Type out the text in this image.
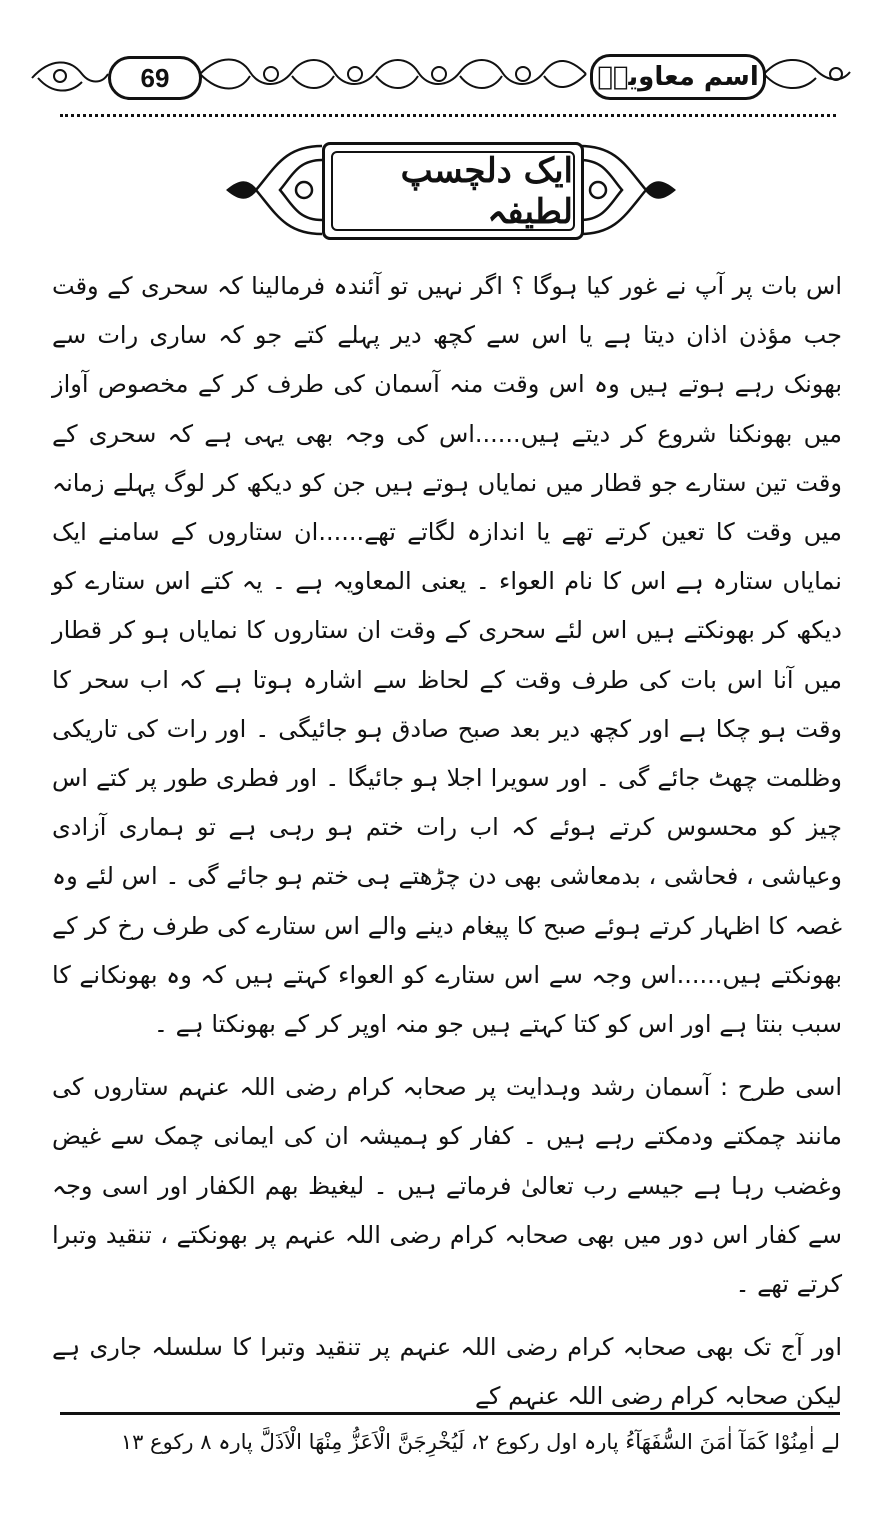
69	اسم معاویہؓ
ایک دلچسپ لطیفہ

اس بات پر آپ نے غور کیا ہوگا ؟ اگر نہیں تو آئندہ فرمالینا کہ سحری کے وقت جب مؤذن اذان دیتا ہے یا اس سے کچھ دیر پہلے کتے جو کہ ساری رات سے بھونک رہے ہوتے ہیں وہ اس وقت منہ آسمان کی طرف کر کے مخصوص آواز میں بھونکنا شروع کر دیتے ہیں......اس کی وجہ بھی یہی ہے کہ سحری کے وقت تین ستارے جو قطار میں نمایاں ہوتے ہیں جن کو دیکھ کر لوگ پہلے زمانہ میں وقت کا تعین کرتے تھے یا اندازہ لگاتے تھے......ان ستاروں کے سامنے ایک نمایاں ستارہ ہے اس کا نام العواء ۔ یعنی المعاویہ ہے ۔ یہ کتے اس ستارے کو دیکھ کر بھونکتے ہیں اس لئے سحری کے وقت ان ستاروں کا نمایاں ہو کر قطار میں آنا اس بات کی طرف وقت کے لحاظ سے اشارہ ہوتا ہے کہ اب سحر کا وقت ہو چکا ہے اور کچھ دیر بعد صبح صادق ہو جائیگی ۔ اور رات کی تاریکی وظلمت چھٹ جائے گی ۔ اور سویرا اجلا ہو جائیگا ۔ اور فطری طور پر کتے اس چیز کو محسوس کرتے ہوئے کہ اب رات ختم ہو رہی ہے تو ہماری آزادی وعیاشی ، فحاشی ، بدمعاشی بھی دن چڑھتے ہی ختم ہو جائے گی ۔ اس لئے وہ غصہ کا اظہار کرتے ہوئے صبح کا پیغام دینے والے اس ستارے کی طرف رخ کر کے بھونکتے ہیں......اس وجہ سے اس ستارے کو العواء کہتے ہیں کہ وہ بھونکانے کا سبب بنتا ہے اور اس کو کتا کہتے ہیں جو منہ اوپر کر کے بھونکتا ہے ۔

اسی طرح : آسمان رشد وہدایت پر صحابہ کرام رضی اللہ عنہم ستاروں کی مانند چمکتے ودمکتے رہے ہیں ۔ کفار کو ہمیشہ ان کی ایمانی چمک سے غیض وغضب رہا ہے جیسے رب تعالیٰ فرماتے ہیں ۔ لیغیظ بھم الکفار اور اسی وجہ سے کفار اس دور میں بھی صحابہ کرام رضی اللہ عنہم پر بھونکتے ، تنقید وتبرا کرتے تھے ۔

اور آج تک بھی صحابہ کرام رضی اللہ عنہم پر تنقید وتبرا کا سلسلہ جاری ہے لیکن صحابہ کرام رضی اللہ عنہم کے

لے اٰمِنُوْا كَمَآ اٰمَنَ السُّفَهَآءُ پارہ اول رکوع ۲، لَيُخْرِجَنَّ الْاَعَزُّ مِنْهَا الْاَذَلَّ پارہ ۸ رکوع ۱۳
